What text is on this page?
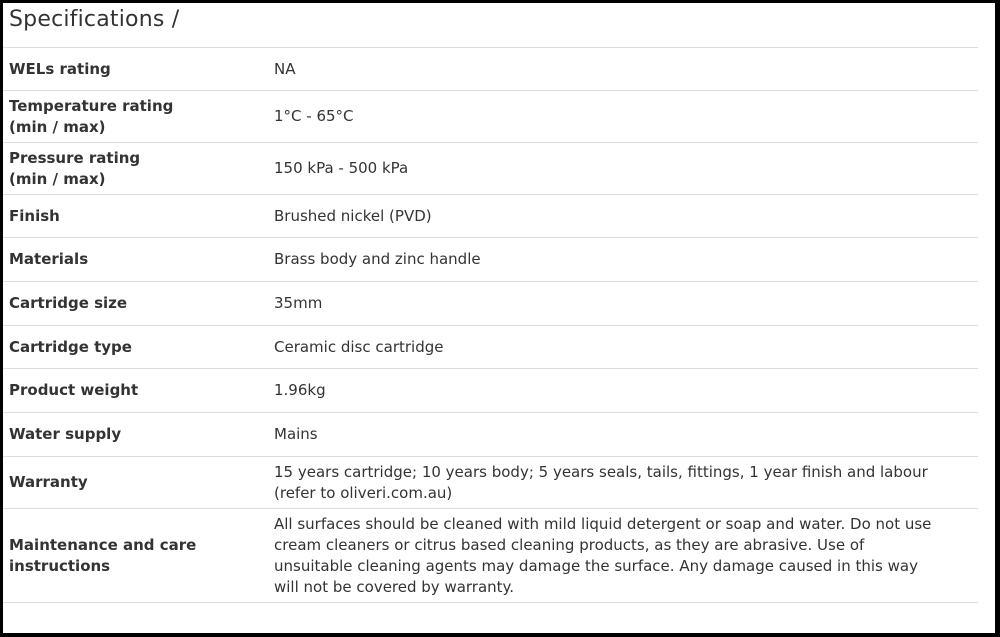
Specifications /
WELs rating	NA

Temperature rating (min / max)	1°C - 65°C

Pressure rating (min / max)	150 kPa - 500 kPa

Finish	Brushed nickel (PVD)

Materials	Brass body and zinc handle

Cartridge size	35mm

Cartridge type	Ceramic disc cartridge

Product weight	1.96kg

Water supply	Mains

Warranty	15 years cartridge; 10 years body; 5 years seals, tails, fittings, 1 year finish and labour (refer to oliveri.com.au)

Maintenance and care instructions	All surfaces should be cleaned with mild liquid detergent or soap and water. Do not use cream cleaners or citrus based cleaning products, as they are abrasive. Use of unsuitable cleaning agents may damage the surface. Any damage caused in this way will not be covered by warranty.
